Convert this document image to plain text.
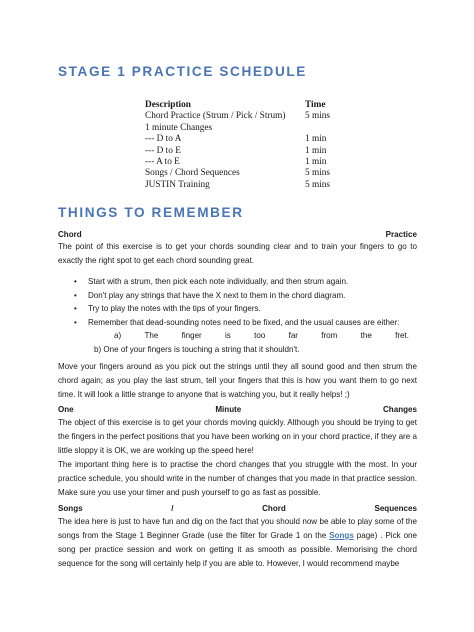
STAGE 1 PRACTICE SCHEDULE
Description	Time
Chord Practice (Strum / Pick / Strum) 5 mins
1 minute Changes
--- D to A	1 min
--- D to E	1 min
--- A to E	1 min
Songs / Chord Sequences	5 mins
JUSTIN Training	5 mins
THINGS TO REMEMBER
Chord	Practice
The point of this exercise is to get your chords sounding clear and to train your fingers to go to exactly the right spot to get each chord sounding great.
•	Start with a strum, then pick each note individually, and then strum again.
•	Don't play any strings that have the X next to them in the chord diagram.
•	Try to play the notes with the tips of your fingers.
•	Remember that dead-sounding notes need to be fixed, and the usual causes are either:
a)	The	finger	is	too	far	from	the	fret.
b) One of your fingers is touching a string that it shouldn't.
Move your fingers around as you pick out the strings until they all sound good and then strum the chord again; as you play the last strum, tell your fingers that this is how you want them to go next time. It will look a little strange to anyone that is watching you, but it really helps! ;)
One	Minute	Changes
The object of this exercise is to get your chords moving quickly. Although you should be trying to get the fingers in the perfect positions that you have been working on in your chord practice, if they are a little sloppy it is OK, we are working up the speed here!
The important thing here is to practise the chord changes that you struggle with the most. In your practice schedule, you should write in the number of changes that you made in that practice session. Make sure you use your timer and push yourself to go as fast as possible.
Songs	/	Chord	Sequences
The idea here is just to have fun and dig on the fact that you should now be able to play some of the songs from the Stage 1 Beginner Grade (use the filter for Grade 1 on the Songs page) . Pick one song per practice session and work on getting it as smooth as possible. Memorising the chord sequence for the song will certainly help if you are able to. However, I would recommend maybe
